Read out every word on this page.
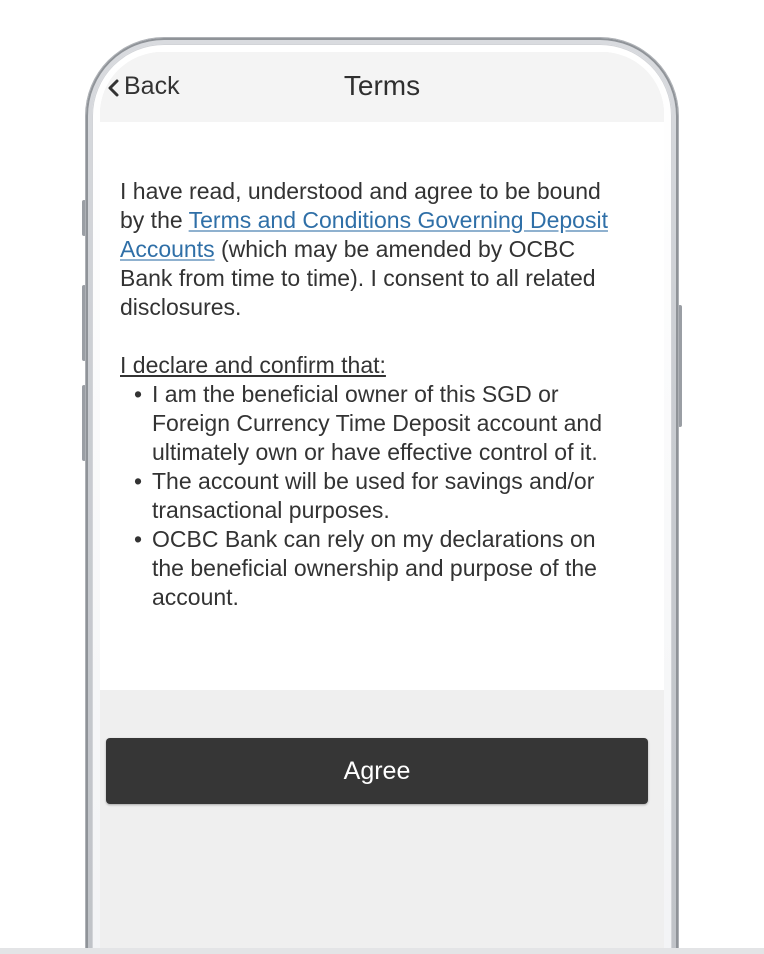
Back	Terms

I have read, understood and agree to be bound by the Terms and Conditions Governing Deposit Accounts (which may be amended by OCBC Bank from time to time). I consent to all related disclosures.

I declare and confirm that:

• I am the beneficial owner of this SGD or Foreign Currency Time Deposit account and ultimately own or have effective control of it.
• The account will be used for savings and/or transactional purposes.
• OCBC Bank can rely on my declarations on the beneficial ownership and purpose of the account.
Agree
